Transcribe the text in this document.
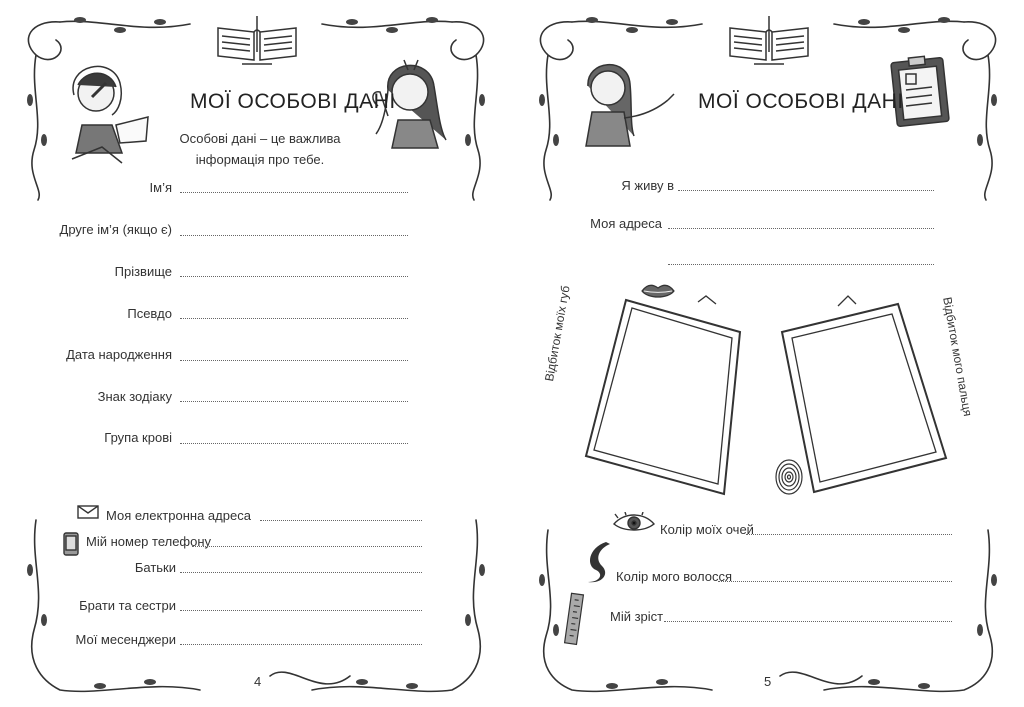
МОЇ ОСОБОВІ ДАНІ
Особові дані – це важлива
інформація про тебе.
Ім’я
Друге ім’я (якщо є)
Прізвище
Псевдо
Дата народження
Знак зодіаку
Група крові
Моя електронна адреса
Мій номер телефону
Батьки
Брати та сестри
Мої месенджери
4
МОЇ ОСОБОВІ ДАНІ
Я живу в
Моя адреса
Відбиток моїх губ	Відбиток мого пальця
Колір моїх очей
Колір мого волосся
Мій зріст
5
